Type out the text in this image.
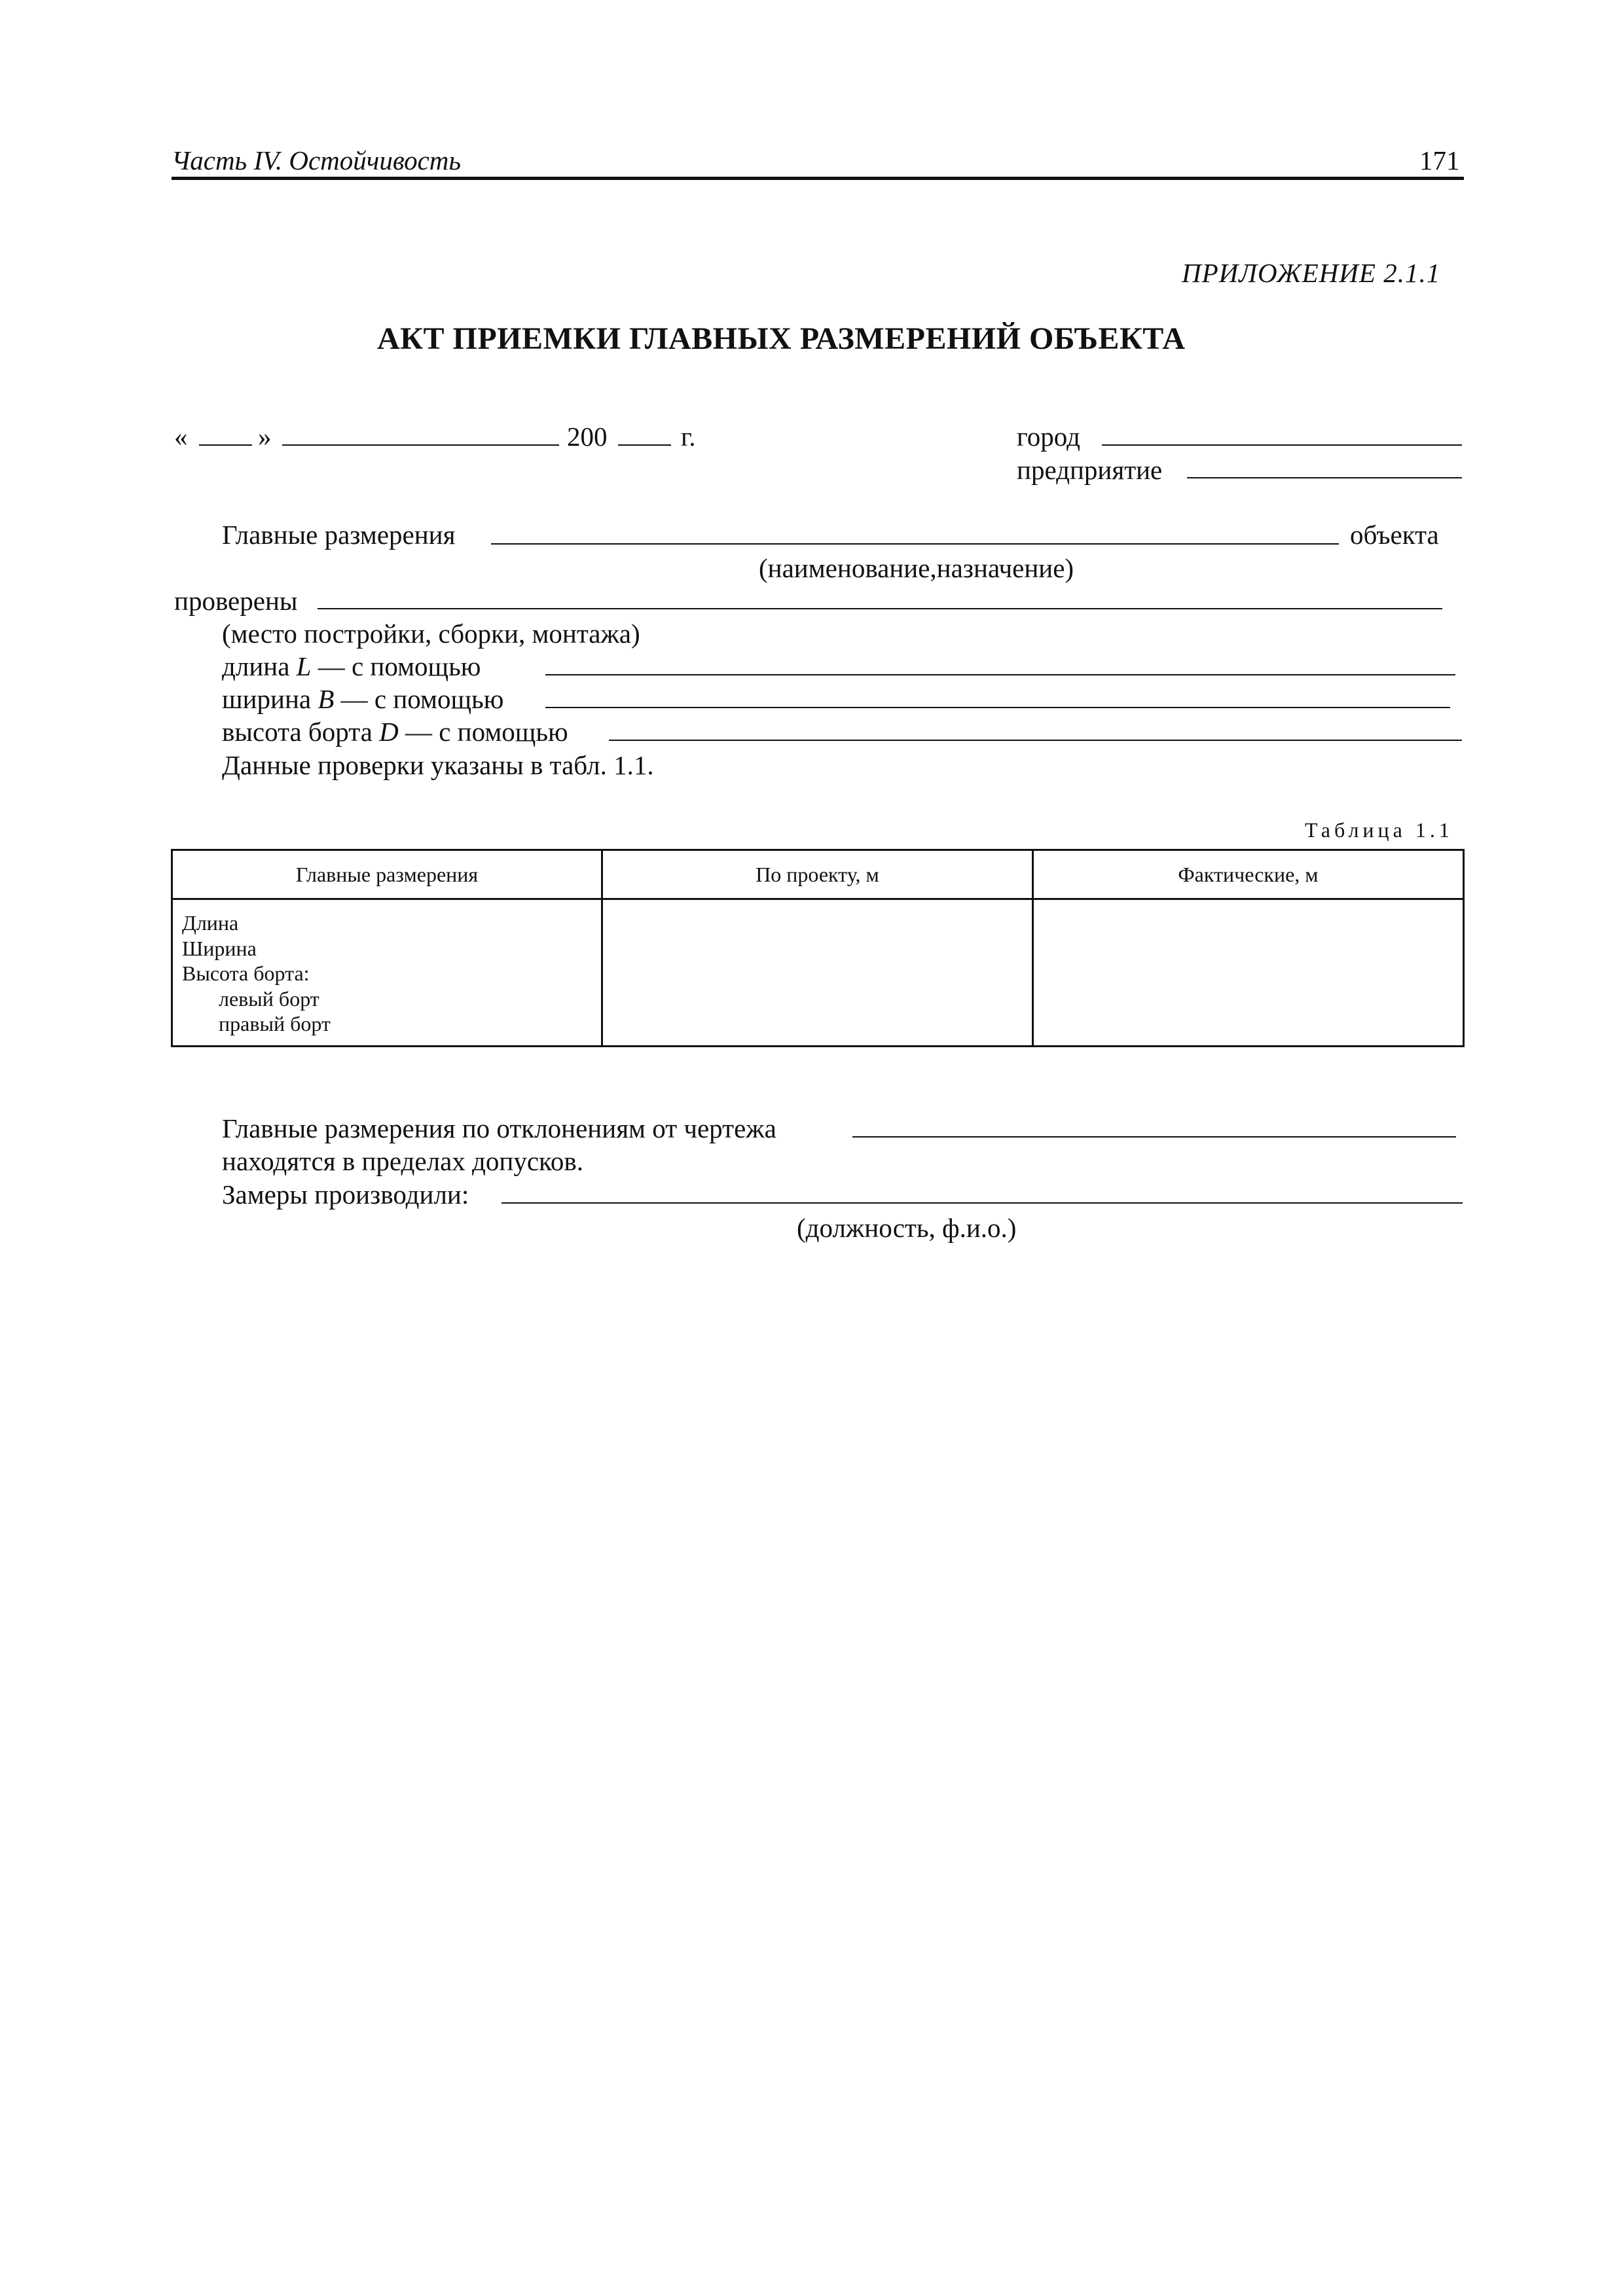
Часть IV. Остойчивость	171
ПРИЛОЖЕНИЕ 2.1.1
АКТ ПРИЕМКИ ГЛАВНЫХ РАЗМЕРЕНИЙ ОБЪЕКТА
«	»	200	г.	город
предприятие
Главные размерения	объекта
(наименование,назначение)
проверены
(место постройки, сборки, монтажа)
длина L — с помощью
ширина B — с помощью
высота борта D — с помощью
Данные проверки указаны в табл. 1.1.
Таблица 1.1
Главные размерения	По проекту, м	Фактические, м

Длина
Ширина
Высота борта:
левый борт
правый борт		

Главные размерения по отклонениям от чертежа
находятся в пределах допусков.
Замеры производили:
(должность, ф.и.о.)
